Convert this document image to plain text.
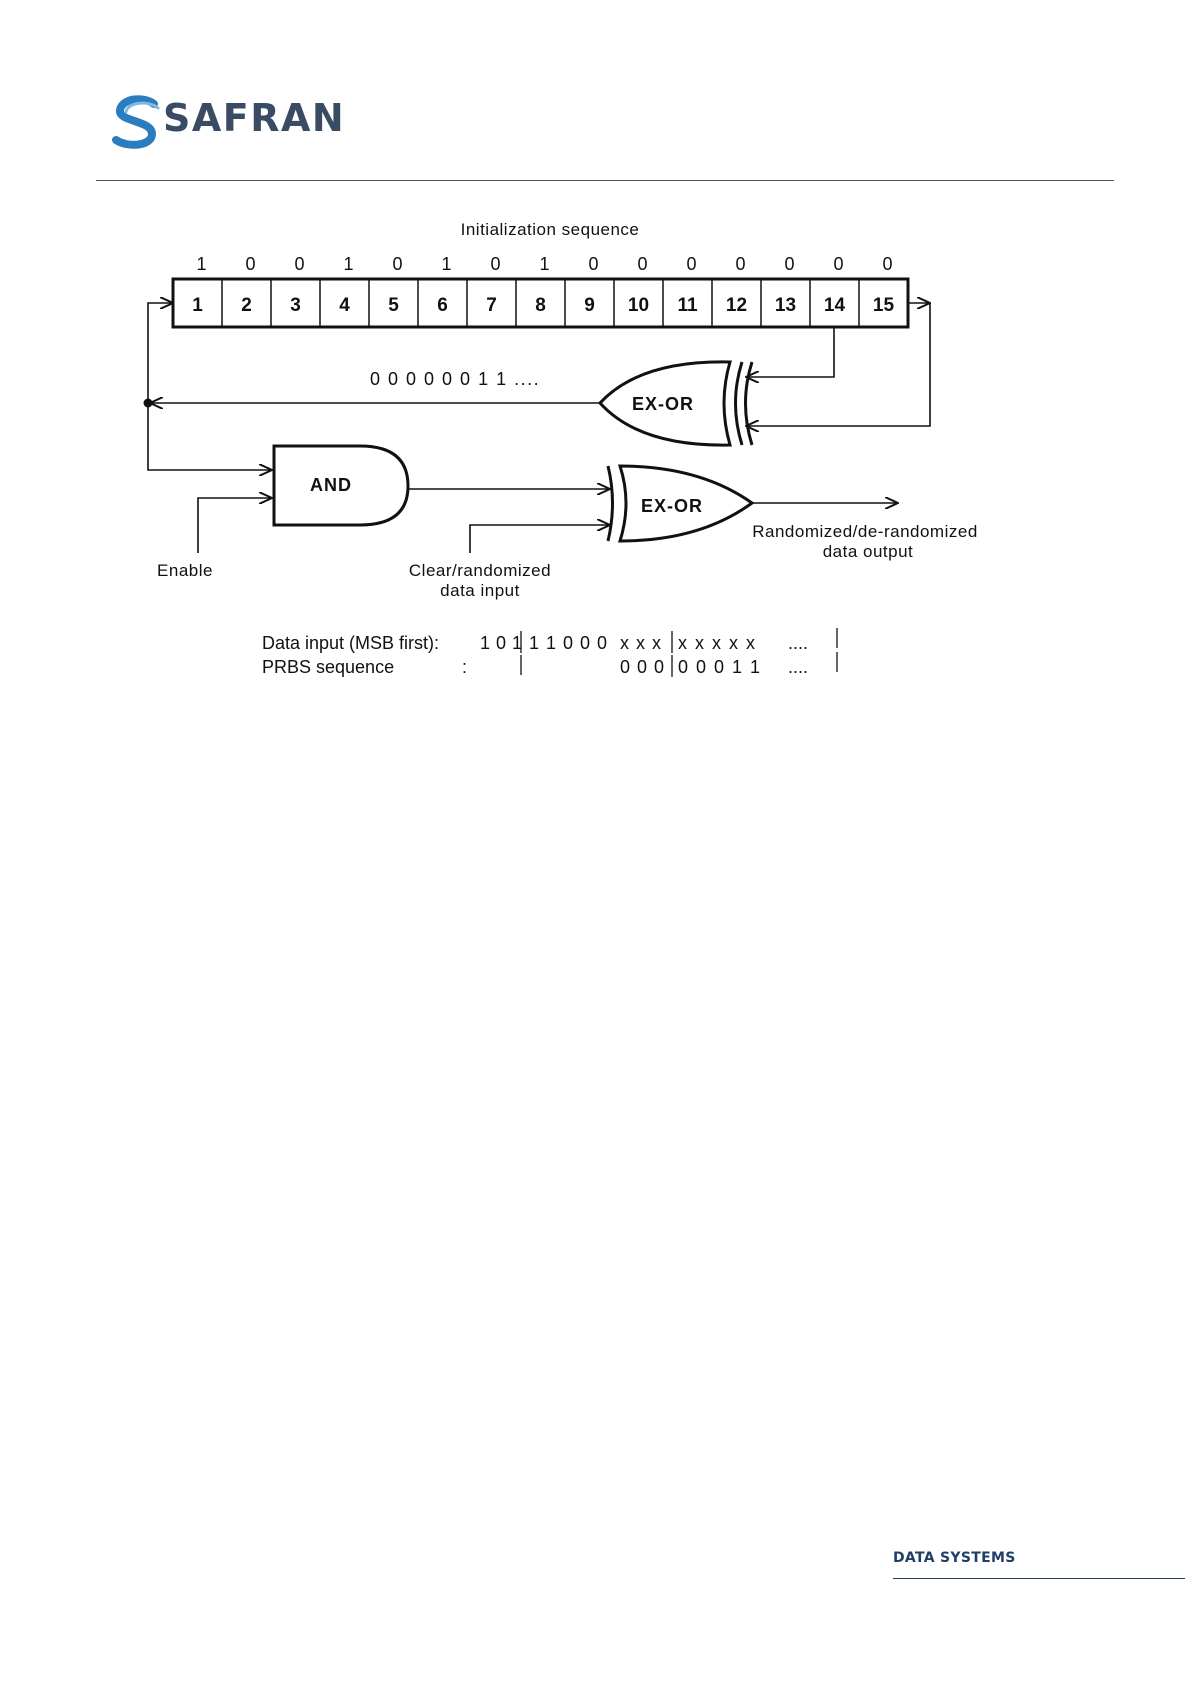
SAFRAN
Initialization sequence
1 0 0 1 0 1 0 1 0 0 0 0 0 0 0
1 2 3 4 5 6 7 8 9 10 11 12 13 14 15
EX-OR
0 0 0 0 0 0 1 1 ....
AND
Enable
EX-OR
Clear/randomized
data input
Randomized/de-randomized
data output
Data input (MSB first): 1 0 1 1 1 0 0 0  x x x x x x x x ....
PRBS sequence	:	0 0 0 0 0 0 1 1 ....
DATA SYSTEMS
